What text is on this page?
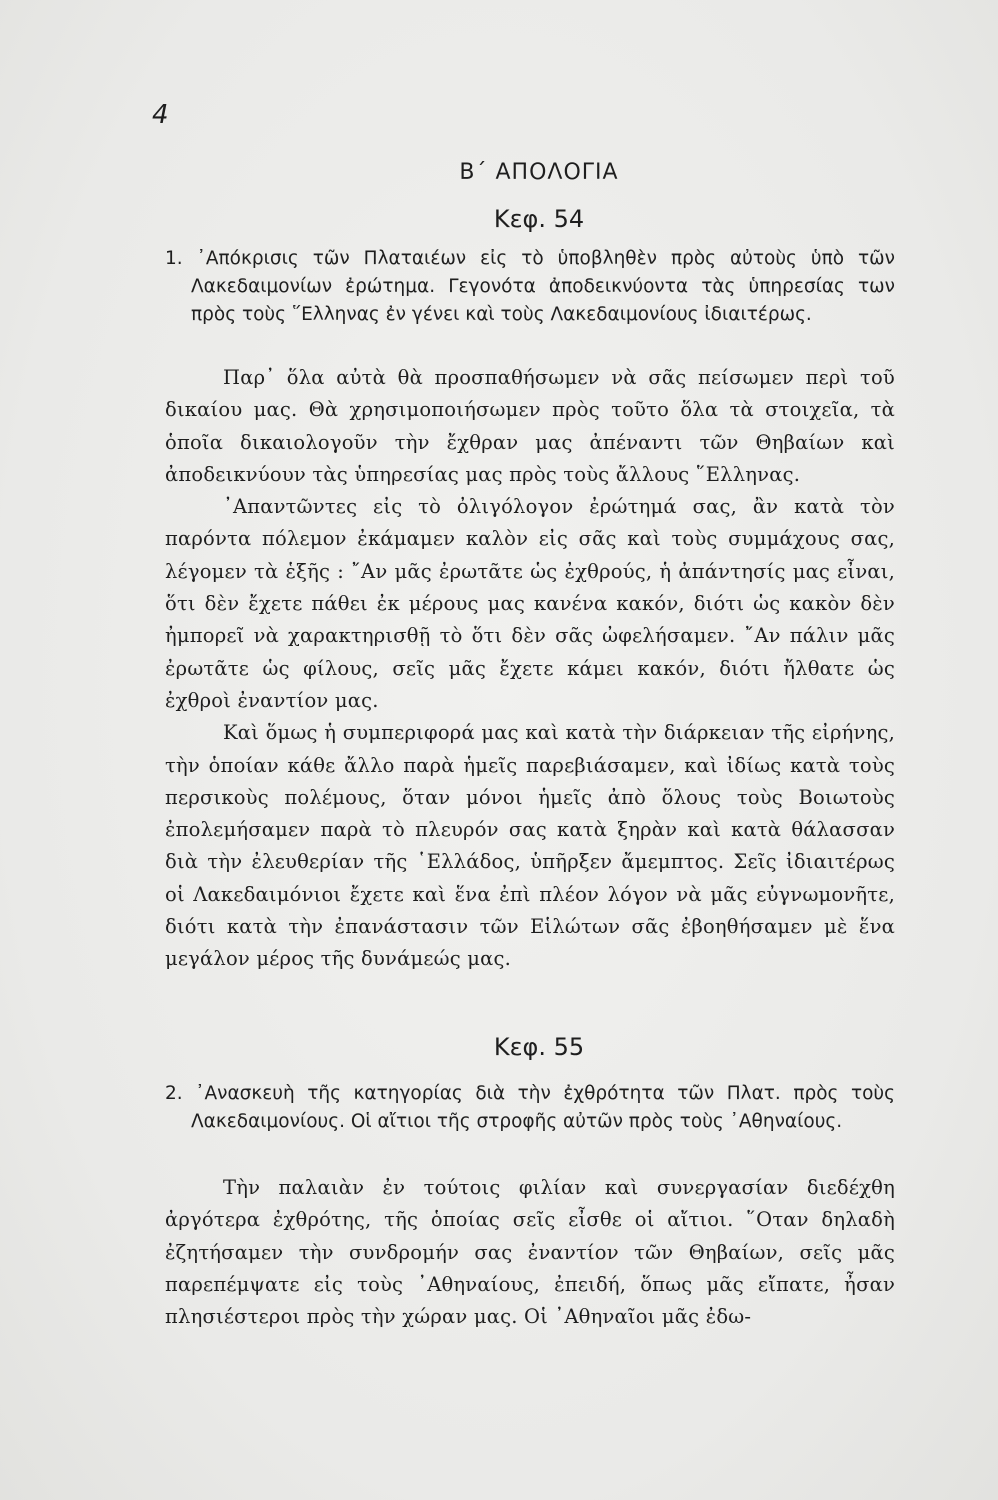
4
Β΄ ΑΠΟΛΟΓΙΑ
Κεφ. 54
1. ᾿Απόκρισις τῶν Πλαταιέων εἰς τὸ ὑποβληθὲν πρὸς αὐτοὺς ὑπὸ τῶν Λακεδαιμονίων ἐρώτημα. Γεγονότα ἀποδεικνύοντα τὰς ὑπηρεσίας των πρὸς τοὺς ῞Ελληνας ἐν γένει καὶ τοὺς Λακεδαιμονίους ἰδιαιτέρως.

Παρ᾿ ὅλα αὐτὰ θὰ προσπαθήσωμεν νὰ σᾶς πείσωμεν περὶ τοῦ δικαίου μας. Θὰ χρησιμοποιήσωμεν πρὸς τοῦτο ὅλα τὰ στοιχεῖα, τὰ ὁποῖα δικαιολογοῦν τὴν ἔχθραν μας ἀπέναντι τῶν Θηβαίων καὶ ἀποδεικνύουν τὰς ὑπηρεσίας μας πρὸς τοὺς ἄλλους ῞Ελληνας.

᾿Απαντῶντες εἰς τὸ ὀλιγόλογον ἐρώτημά σας, ἂν κατὰ τὸν παρόντα πόλεμον ἐκάμαμεν καλὸν εἰς σᾶς καὶ τοὺς συμμάχους σας, λέγομεν τὰ ἑξῆς : ῎Αν μᾶς ἐρωτᾶτε ὡς ἐχθρούς, ἡ ἀπάντησίς μας εἶναι, ὅτι δὲν ἔχετε πάθει ἐκ μέρους μας κανένα κακόν, διότι ὡς κακὸν δὲν ἠμπορεῖ νὰ χαρακτηρισθῇ τὸ ὅτι δὲν σᾶς ὠφελήσαμεν. ῎Αν πάλιν μᾶς ἐρωτᾶτε ὡς φίλους, σεῖς μᾶς ἔχετε κάμει κακόν, διότι ἤλθατε ὡς ἐχθροὶ ἐναντίον μας.

Καὶ ὅμως ἡ συμπεριφορά μας καὶ κατὰ τὴν διάρκειαν τῆς εἰρήνης, τὴν ὁποίαν κάθε ἄλλο παρὰ ἡμεῖς παρεβιάσαμεν, καὶ ἰδίως κατὰ τοὺς περσικοὺς πολέμους, ὅταν μόνοι ἡμεῖς ἀπὸ ὅλους τοὺς Βοιωτοὺς ἐπολεμήσαμεν παρὰ τὸ πλευρόν σας κατὰ ξηρὰν καὶ κατὰ θάλασσαν διὰ τὴν ἐλευθερίαν τῆς ῾Ελλάδος, ὑπῆρξεν ἄμεμπτος. Σεῖς ἰδιαιτέρως οἱ Λακεδαιμόνιοι ἔχετε καὶ ἕνα ἐπὶ πλέον λόγον νὰ μᾶς εὐγνωμονῆτε, διότι κατὰ τὴν ἐπανάστασιν τῶν Εἱλώτων σᾶς ἐβοηθήσαμεν μὲ ἕνα μεγάλον μέρος τῆς δυνάμεώς μας.

Κεφ. 55
2. ᾿Ανασκευὴ τῆς κατηγορίας διὰ τὴν ἐχθρότητα τῶν Πλατ. πρὸς τοὺς Λακεδαιμονίους. Οἱ αἴτιοι τῆς στροφῆς αὐτῶν πρὸς τοὺς ᾿Αθηναίους.

Τὴν παλαιὰν ἐν τούτοις φιλίαν καὶ συνεργασίαν διεδέχθη ἀργότερα ἐχθρότης, τῆς ὁποίας σεῖς εἶσθε οἱ αἴτιοι. ῞Οταν δηλαδὴ ἐζητήσαμεν τὴν συνδρομήν σας ἐναντίον τῶν Θηβαίων, σεῖς μᾶς παρεπέμψατε εἰς τοὺς ᾿Αθηναίους, ἐπειδή, ὅπως μᾶς εἴπατε, ἦσαν πλησιέστεροι πρὸς τὴν χώραν μας. Οἱ ᾿Αθηναῖοι μᾶς ἐδω-
